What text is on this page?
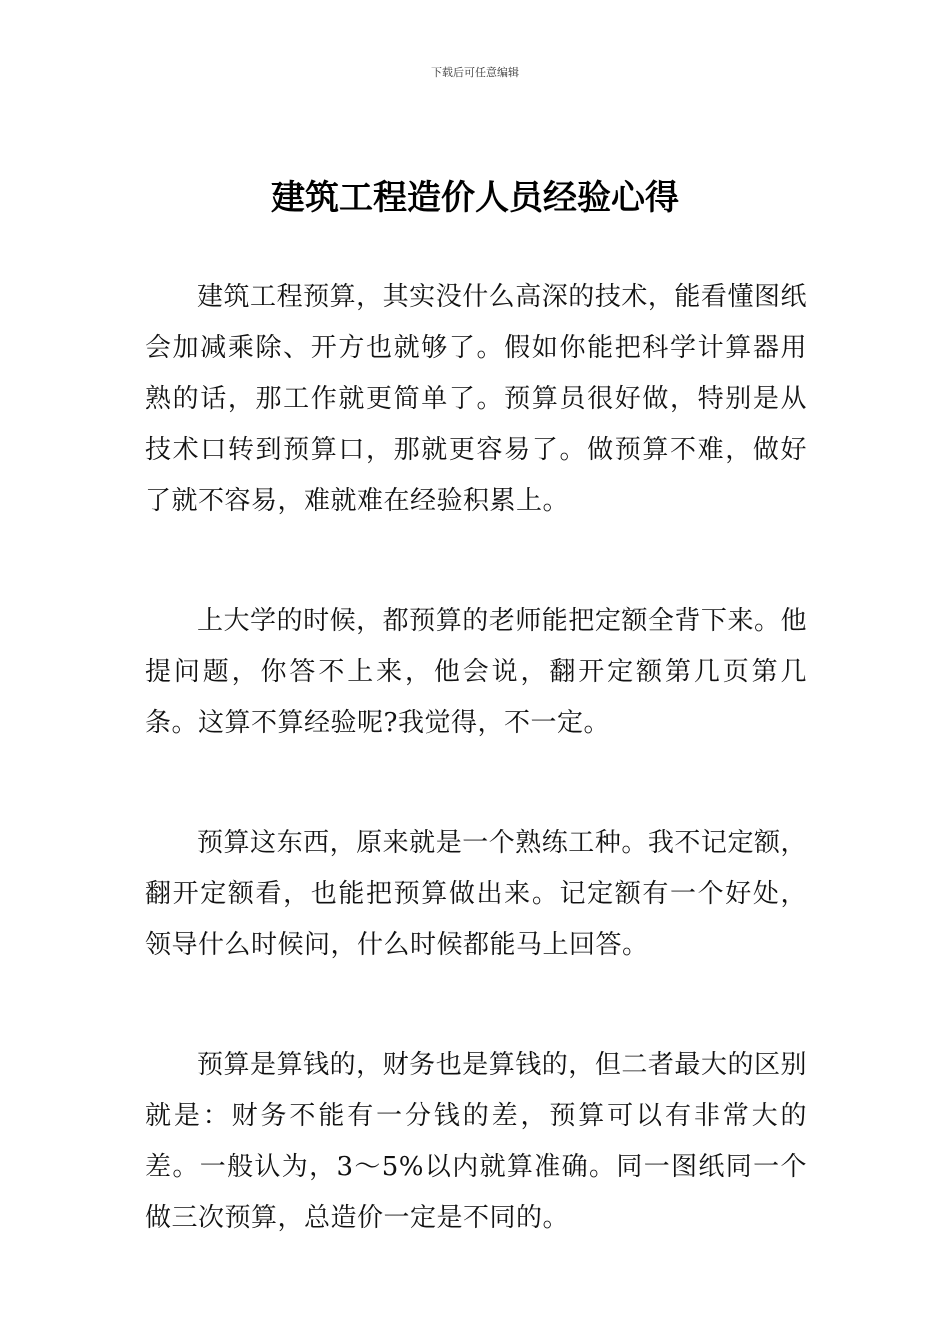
下载后可任意编辑
建筑工程造价人员经验心得

建筑工程预算，其实没什么高深的技术，能看懂图纸会加减乘除、开方也就够了。假如你能把科学计算器用熟的话，那工作就更简单了。预算员很好做，特别是从技术口转到预算口，那就更容易了。做预算不难，做好了就不容易，难就难在经验积累上。

上大学的时候，都预算的老师能把定额全背下来。他提问题，你答不上来，他会说，翻开定额第几页第几条。这算不算经验呢?我觉得，不一定。

预算这东西，原来就是一个熟练工种。我不记定额，翻开定额看，也能把预算做出来。记定额有一个好处，领导什么时候问，什么时候都能马上回答。

预算是算钱的，财务也是算钱的，但二者最大的区别就是：财务不能有一分钱的差，预算可以有非常大的差。一般认为，3～5%以内就算准确。同一图纸同一个做三次预算，总造价一定是不同的。
